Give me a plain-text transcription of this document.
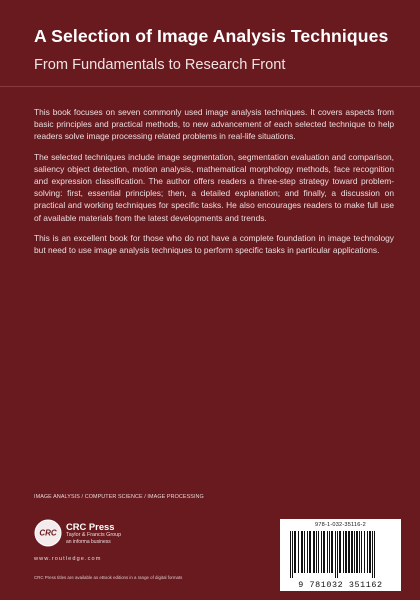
A Selection of Image Analysis Techniques
From Fundamentals to Research Front

This book focuses on seven commonly used image analysis techniques. It covers aspects from basic principles and practical methods, to new advancement of each selected technique to help readers solve image processing related problems in real-life situations.

The selected techniques include image segmentation, segmentation evaluation and comparison, saliency object detection, motion analysis, mathematical morphology methods, face recognition and expression classification. The author offers readers a three-step strategy toward problem-solving: first, essential principles; then, a detailed explanation; and finally, a discussion on practical and working techniques for specific tasks. He also encourages readers to make full use of available materials from the latest developments and trends.

This is an excellent book for those who do not have a complete foundation in image technology but need to use image analysis techniques to perform specific tasks in particular applications.

IMAGE ANALYSIS / COMPUTER SCIENCE / IMAGE PROCESSING
CRC
CRC Press
Taylor & Francis Group
an informa business
www.routledge.com
CRC Press titles are available as eBook editions in a range of digital formats
978-1-032-35116-2
9 781032 351162
